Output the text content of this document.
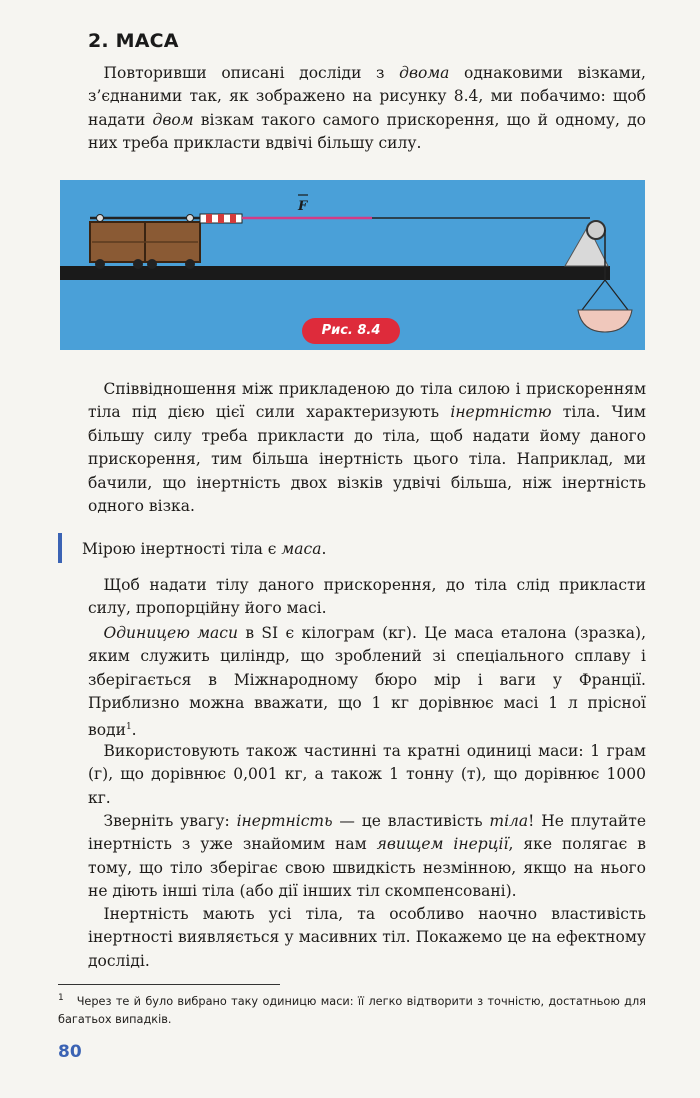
2. МАСА

 Повторивши описані досліди з двома однаковими візками, з’єднаними так, як зображено на рисунку 8.4, ми побачимо: щоб надати двом візкам такого самого прискорення, що й одному, до них треба прикласти вдвічі більшу силу.

F
Рис. 8.4

 Співвідношення між прикладеною до тіла силою і прискоренням тіла під дією цієї сили характеризують інертністю тіла. Чим більшу силу треба прикласти до тіла, щоб надати йому даного прискорення, тим більша інертність цього тіла. Наприклад, ми бачили, що інертність двох візків удвічі більша, ніж інертність одного візка.

Мірою інертності тіла є маса.

 Щоб надати тілу даного прискорення, до тіла слід прикласти силу, пропорційну його масі.

 Одиницею маси в SI є кілограм (кг). Це маса еталона (зразка), яким служить циліндр, що зроблений зі спеціального сплаву і зберігається в Міжнародному бюро мір і ваги у Франції. Приблизно можна вважати, що 1 кг дорівнює масі 1 л прісної води$^1$.

 Використовують також частинні та кратні одиниці маси: 1 грам (г), що дорівнює 0,001 кг, а також 1 тонну (т), що дорівнює 1000 кг.

 Зверніть увагу: інертність — це властивість тіла! Не плутайте інертність з уже знайомим нам явищем інерції, яке полягає в тому, що тіло зберігає свою швидкість незмінною, якщо на нього не діють інші тіла (або дії інших тіл скомпенсовані).

 Інертність мають усі тіла, та особливо наочно властивість інертності виявляється у масивних тіл. Покажемо це на ефектному досліді.

$^1$ Через те й було вибрано таку одиницю маси: її легко відтворити з точністю, достатньою для багатьох випадків.

80
